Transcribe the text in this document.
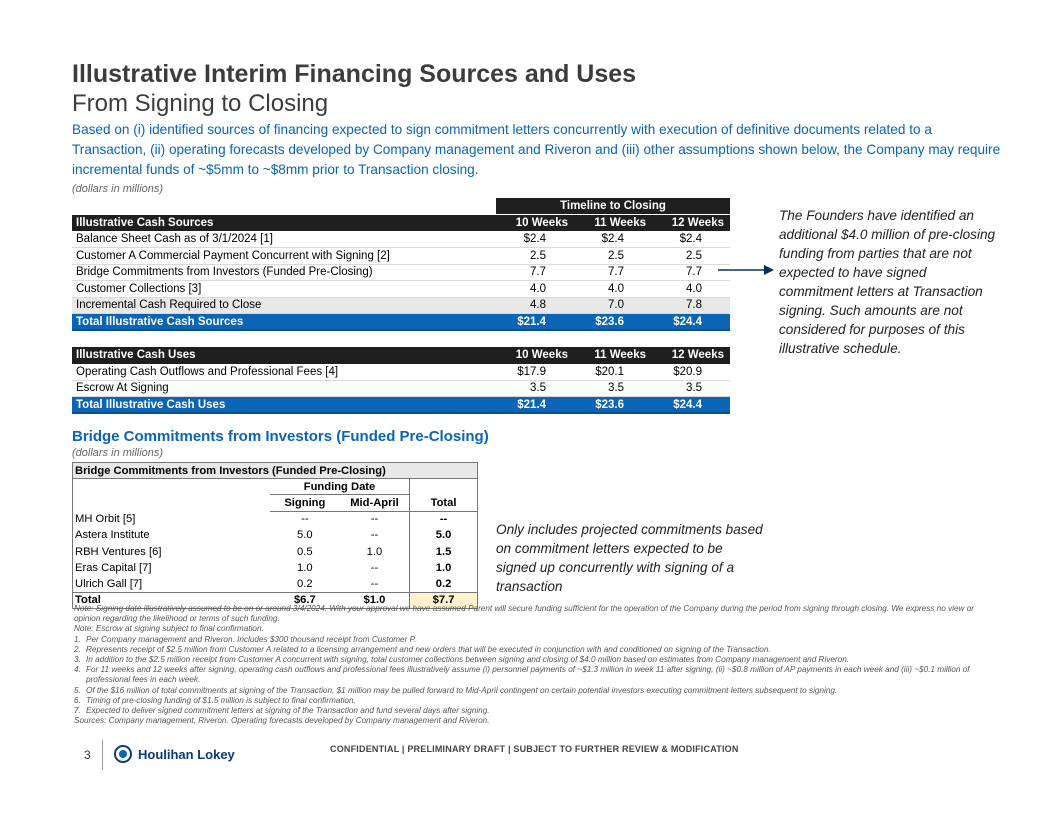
Illustrative Interim Financing Sources and Uses
From Signing to Closing
Based on (i) identified sources of financing expected to sign commitment letters concurrently with execution of definitive documents related to a Transaction, (ii) operating forecasts developed by Company management and Riveron and (iii) other assumptions shown below, the Company may require incremental funds of ~$5mm to ~$8mm prior to Transaction closing.
(dollars in millions)
	Timeline to Closing		
Illustrative Cash Sources	10 Weeks	11 Weeks	12 Weeks
Balance Sheet Cash as of 3/1/2024 [1]	$2.4	$2.4	$2.4
Customer A Commercial Payment Concurrent with Signing [2]	2.5	2.5	2.5
Bridge Commitments from Investors (Funded Pre-Closing)	7.7	7.7	7.7
Customer Collections [3]	4.0	4.0	4.0
Incremental Cash Required to Close	4.8	7.0	7.8
Total Illustrative Cash Sources	$21.4	$23.6	$24.4
Illustrative Cash Uses	10 Weeks	11 Weeks	12 Weeks
Operating Cash Outflows and Professional Fees [4]	$17.9	$20.1	$20.9
Escrow At Signing	3.5	3.5	3.5
Total Illustrative Cash Uses	$21.4	$23.6	$24.4
The Founders have identified an additional $4.0 million of pre-closing funding from parties that are not expected to have signed commitment letters at Transaction signing. Such amounts are not considered for purposes of this illustrative schedule.
Bridge Commitments from Investors (Funded Pre-Closing)
(dollars in millions)
Bridge Commitments from Investors (Funded Pre-Closing)			
	Funding Date		
	Signing	Mid-April	Total
MH Orbit [5]	--	--	--
Astera Institute	5.0	--	5.0
RBH Ventures [6]	0.5	1.0	1.5
Eras Capital [7]	1.0	--	1.0
Ulrich Gall [7]	0.2	--	0.2
Total	$6.7	$1.0	$7.7
Only includes projected commitments based on commitment letters expected to be signed up concurrently with signing of a transaction
Note: Signing date illustratively assumed to be on or around 3/4/2024. With your approval we have assumed Parent will secure funding sufficient for the operation of the Company during the period from signing through closing. We express no view or opinion regarding the likelihood or terms of such funding.
Note: Escrow at signing subject to final confirmation.
1. Per Company management and Riveron. Includes $300 thousand receipt from Customer P.
2. Represents receipt of $2.5 million from Customer A related to a licensing arrangement and new orders that will be executed in conjunction with and conditioned on signing of the Transaction.
3. In addition to the $2.5 million receipt from Customer A concurrent with signing, total customer collections between signing and closing of $4.0 million based on estimates from Company management and Riveron.
4. For 11 weeks and 12 weeks after signing, operating cash outflows and professional fees illustratively assume (i) personnel payments of ~$1.3 million in week 11 after signing, (ii) ~$0.8 million of AP payments in each week and (iii) ~$0.1 million of professional fees in each week.
5. Of the $16 million of total commitments at signing of the Transaction, $1 million may be pulled forward to Mid-April contingent on certain potential investors executing commitment letters subsequent to signing.
6. Timing of pre-closing funding of $1.5 million is subject to final confirmation.
7. Expected to deliver signed commitment letters at signing of the Transaction and fund several days after signing.
Sources: Company management, Riveron. Operating forecasts developed by Company management and Riveron.
3	Houlihan Lokey	CONFIDENTIAL | PRELIMINARY DRAFT | SUBJECT TO FURTHER REVIEW & MODIFICATION
